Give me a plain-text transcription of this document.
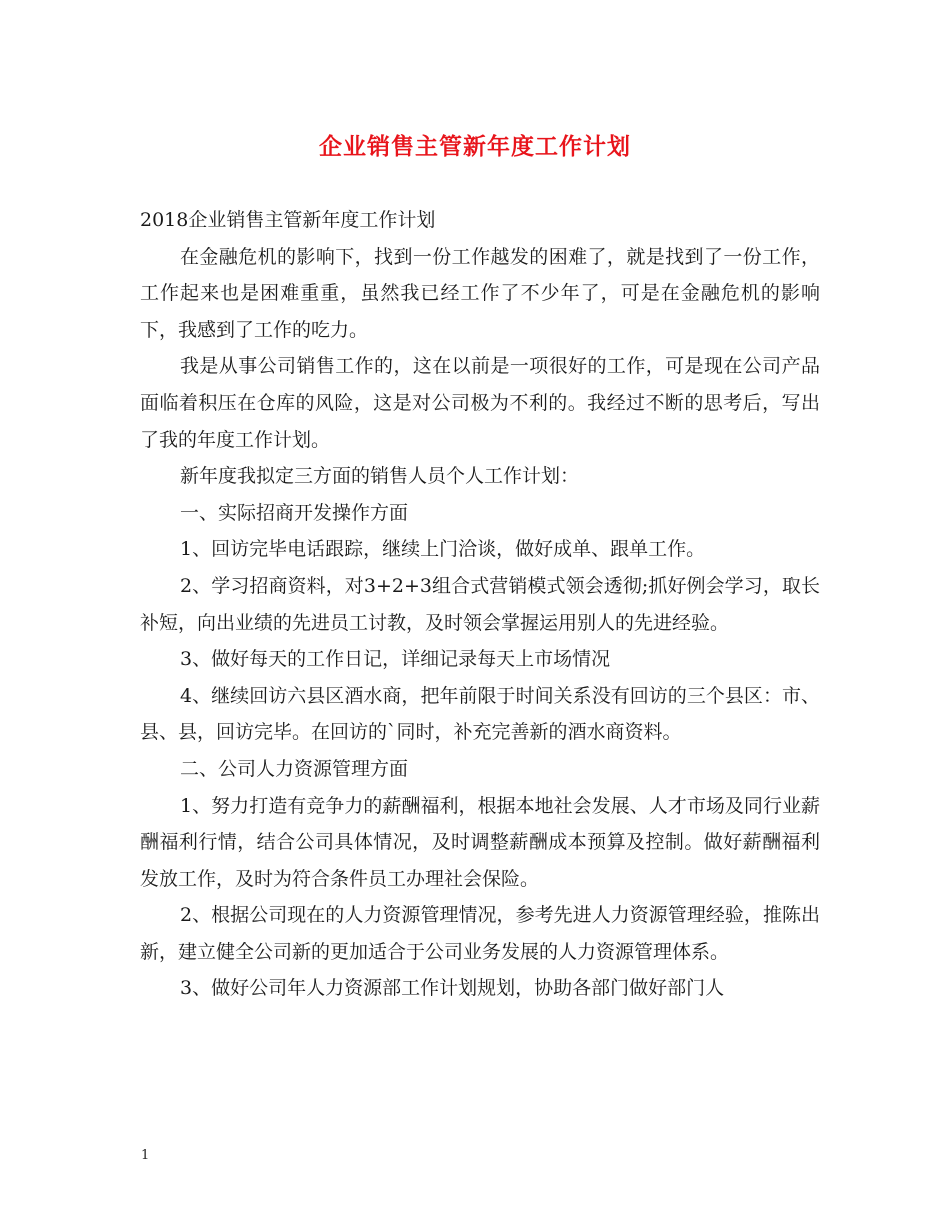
企业销售主管新年度工作计划

2018企业销售主管新年度工作计划

在金融危机的影响下，找到一份工作越发的困难了，就是找到了一份工作，工作起来也是困难重重，虽然我已经工作了不少年了，可是在金融危机的影响下，我感到了工作的吃力。

我是从事公司销售工作的，这在以前是一项很好的工作，可是现在公司产品面临着积压在仓库的风险，这是对公司极为不利的。我经过不断的思考后，写出了我的年度工作计划。

新年度我拟定三方面的销售人员个人工作计划：

一、实际招商开发操作方面

1、回访完毕电话跟踪，继续上门洽谈，做好成单、跟单工作。

2、学习招商资料，对3+2+3组合式营销模式领会透彻;抓好例会学习，取长补短，向出业绩的先进员工讨教，及时领会掌握运用别人的先进经验。

3、做好每天的工作日记，详细记录每天上市场情况

4、继续回访六县区酒水商，把年前限于时间关系没有回访的三个县区：市、县、县，回访完毕。在回访的`同时，补充完善新的酒水商资料。

二、公司人力资源管理方面

1、努力打造有竞争力的薪酬福利，根据本地社会发展、人才市场及同行业薪酬福利行情，结合公司具体情况，及时调整薪酬成本预算及控制。做好薪酬福利发放工作，及时为符合条件员工办理社会保险。

2、根据公司现在的人力资源管理情况，参考先进人力资源管理经验，推陈出新，建立健全公司新的更加适合于公司业务发展的人力资源管理体系。

3、做好公司年人力资源部工作计划规划，协助各部门做好部门人

1
